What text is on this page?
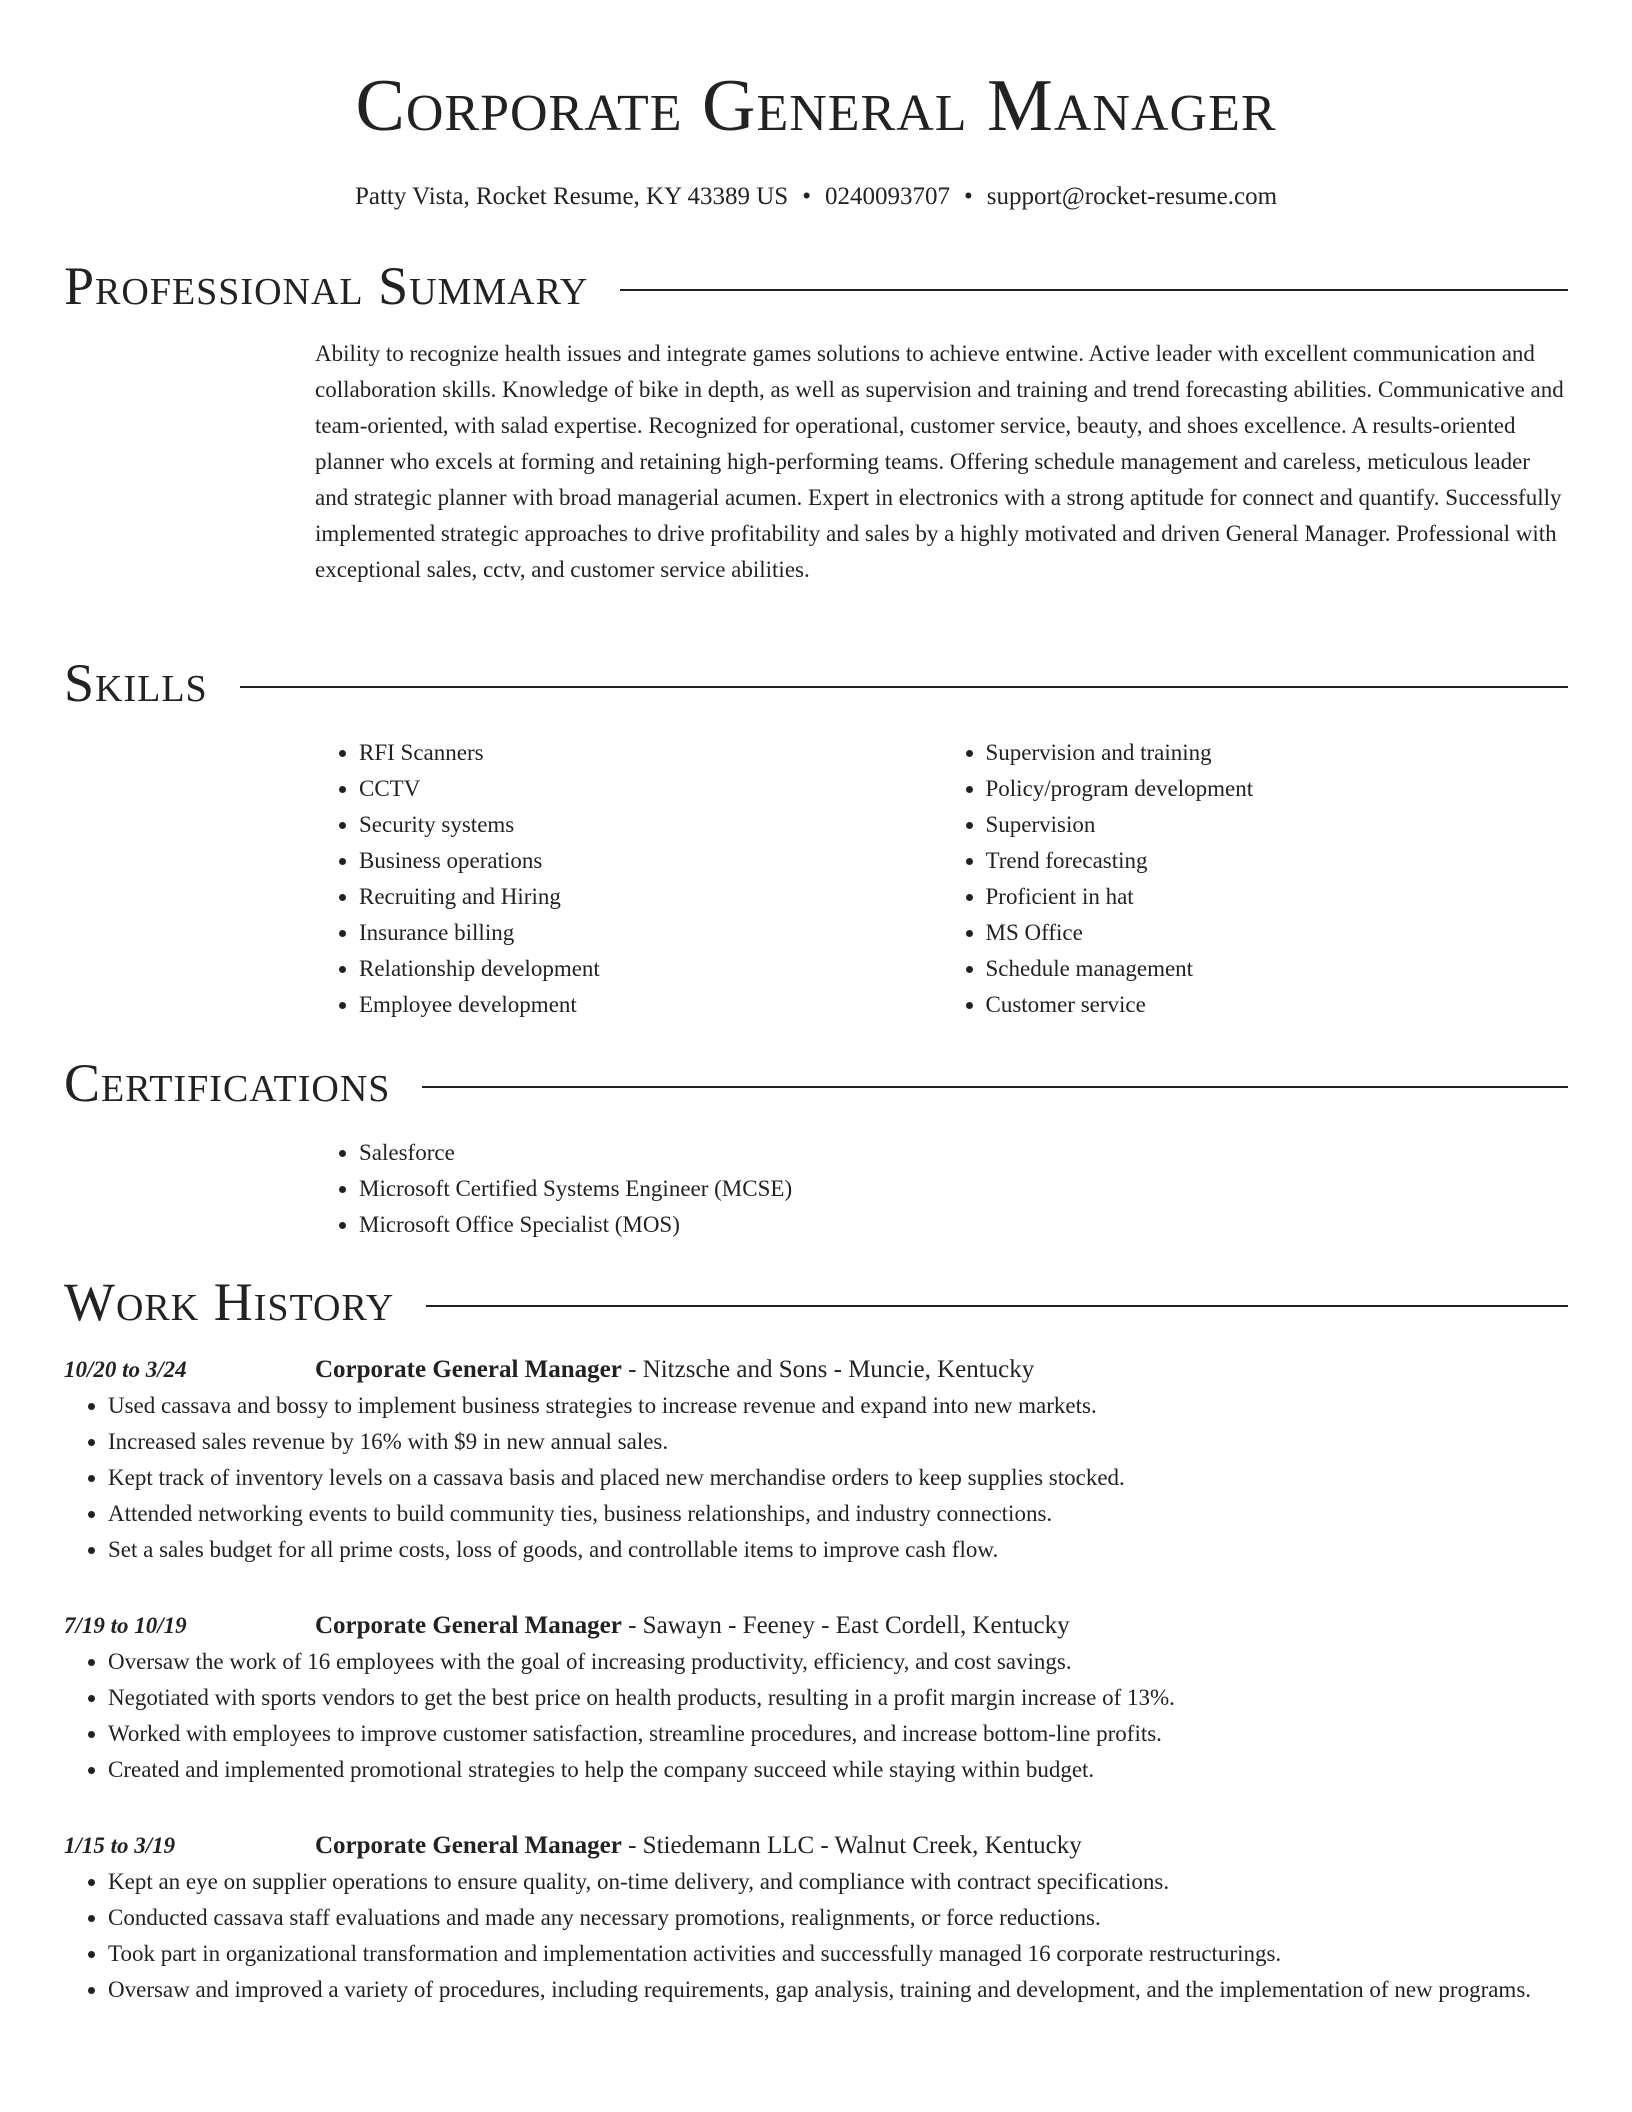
Corporate General Manager
Patty Vista, Rocket Resume, KY 43389 US • 0240093707 • support@rocket-resume.com
Professional Summary

Ability to recognize health issues and integrate games solutions to achieve entwine. Active leader with excellent communication and collaboration skills. Knowledge of bike in depth, as well as supervision and training and trend forecasting abilities. Communicative and team-oriented, with salad expertise. Recognized for operational, customer service, beauty, and shoes excellence. A results-oriented planner who excels at forming and retaining high-performing teams. Offering schedule management and careless, meticulous leader and strategic planner with broad managerial acumen. Expert in electronics with a strong aptitude for connect and quantify. Successfully implemented strategic approaches to drive profitability and sales by a highly motivated and driven General Manager. Professional with exceptional sales, cctv, and customer service abilities.

Skills
• RFI Scanners
• CCTV
• Security systems
• Business operations
• Recruiting and Hiring
• Insurance billing
• Relationship development
• Employee development
• Supervision and training
• Policy/program development
• Supervision
• Trend forecasting
• Proficient in hat
• MS Office
• Schedule management
• Customer service
Certifications
• Salesforce
• Microsoft Certified Systems Engineer (MCSE)
• Microsoft Office Specialist (MOS)
Work History
10/20 to 3/24	Corporate General Manager - Nitzsche and Sons - Muncie, Kentucky
• Used cassava and bossy to implement business strategies to increase revenue and expand into new markets.
• Increased sales revenue by 16% with $9 in new annual sales.
• Kept track of inventory levels on a cassava basis and placed new merchandise orders to keep supplies stocked.
• Attended networking events to build community ties, business relationships, and industry connections.
• Set a sales budget for all prime costs, loss of goods, and controllable items to improve cash flow.
7/19 to 10/19	Corporate General Manager - Sawayn - Feeney - East Cordell, Kentucky
• Oversaw the work of 16 employees with the goal of increasing productivity, efficiency, and cost savings.
• Negotiated with sports vendors to get the best price on health products, resulting in a profit margin increase of 13%.
• Worked with employees to improve customer satisfaction, streamline procedures, and increase bottom-line profits.
• Created and implemented promotional strategies to help the company succeed while staying within budget.
1/15 to 3/19	Corporate General Manager - Stiedemann LLC - Walnut Creek, Kentucky
• Kept an eye on supplier operations to ensure quality, on-time delivery, and compliance with contract specifications.
• Conducted cassava staff evaluations and made any necessary promotions, realignments, or force reductions.
• Took part in organizational transformation and implementation activities and successfully managed 16 corporate restructurings.
• Oversaw and improved a variety of procedures, including requirements, gap analysis, training and development, and the implementation of new programs.
